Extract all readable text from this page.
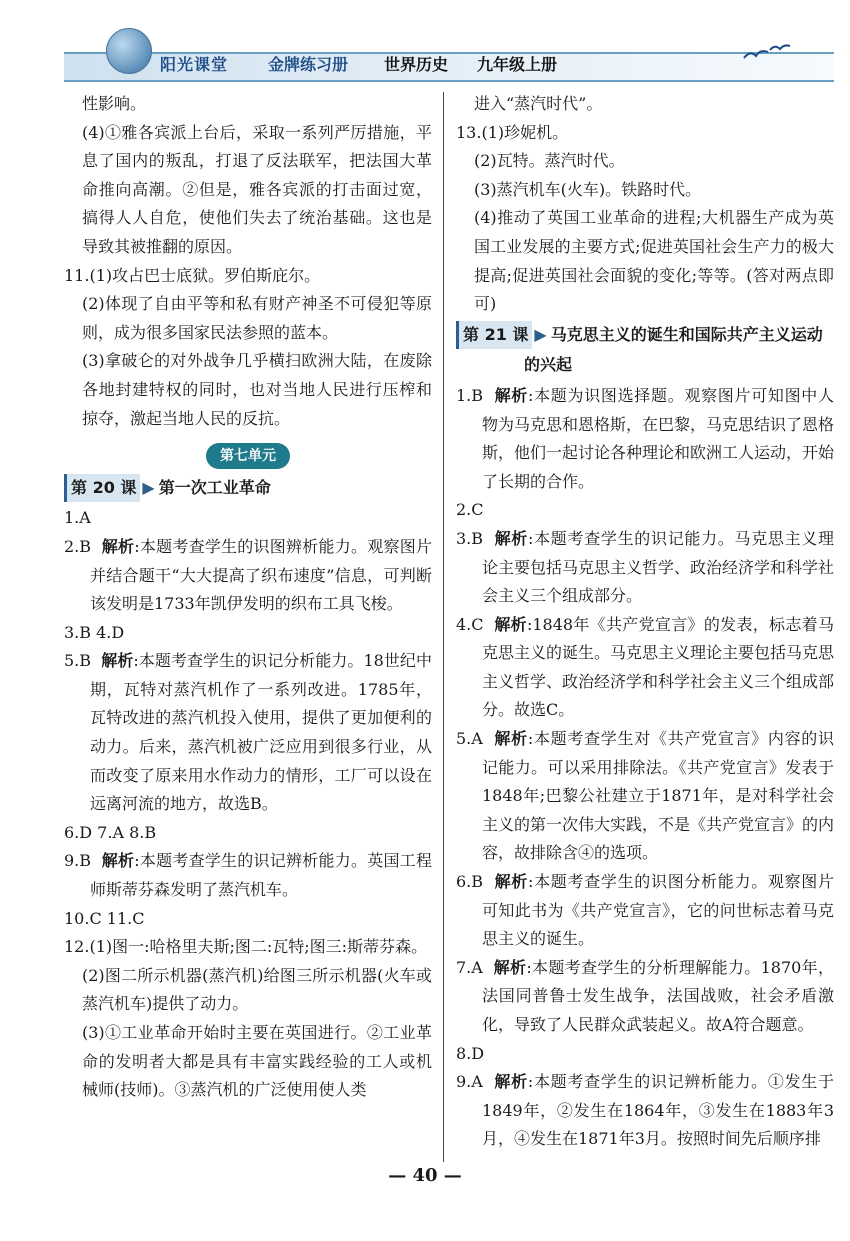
阳光课堂 金牌练习册 世界历史 九年级上册

性影响。

(4)①雅各宾派上台后，采取一系列严厉措施，平息了国内的叛乱，打退了反法联军，把法国大革命推向高潮。②但是，雅各宾派的打击面过宽，搞得人人自危，使他们失去了统治基础。这也是导致其被推翻的原因。

11.(1)攻占巴士底狱。罗伯斯庇尔。

(2)体现了自由平等和私有财产神圣不可侵犯等原则，成为很多国家民法参照的蓝本。

(3)拿破仑的对外战争几乎横扫欧洲大陆，在废除各地封建特权的同时，也对当地人民进行压榨和掠夺，激起当地人民的反抗。

第七单元
第 20 课 ▶ 第一次工业革命

1.A

2.B 解析:本题考查学生的识图辨析能力。观察图片并结合题干“大大提高了织布速度”信息，可判断该发明是1733年凯伊发明的织布工具飞梭。

3.B 4.D

5.B 解析:本题考查学生的识记分析能力。18世纪中期，瓦特对蒸汽机作了一系列改进。1785年，瓦特改进的蒸汽机投入使用，提供了更加便利的动力。后来，蒸汽机被广泛应用到很多行业，从而改变了原来用水作动力的情形，工厂可以设在远离河流的地方，故选B。

6.D 7.A 8.B

9.B 解析:本题考查学生的识记辨析能力。英国工程师斯蒂芬森发明了蒸汽机车。

10.C 11.C

12.(1)图一:哈格里夫斯;图二:瓦特;图三:斯蒂芬森。

(2)图二所示机器(蒸汽机)给图三所示机器(火车或蒸汽机车)提供了动力。

(3)①工业革命开始时主要在英国进行。②工业革命的发明者大都是具有丰富实践经验的工人或机械师(技师)。③蒸汽机的广泛使用使人类

进入“蒸汽时代”。

13.(1)珍妮机。

(2)瓦特。蒸汽时代。

(3)蒸汽机车(火车)。铁路时代。

(4)推动了英国工业革命的进程;大机器生产成为英国工业发展的主要方式;促进英国社会生产力的极大提高;促进英国社会面貌的变化;等等。(答对两点即可)

第 21 课 ▶ 马克思主义的诞生和国际共产主义运动
的兴起

1.B 解析:本题为识图选择题。观察图片可知图中人物为马克思和恩格斯，在巴黎，马克思结识了恩格斯，他们一起讨论各种理论和欧洲工人运动，开始了长期的合作。

2.C

3.B 解析:本题考查学生的识记能力。马克思主义理论主要包括马克思主义哲学、政治经济学和科学社会主义三个组成部分。

4.C 解析:1848年《共产党宣言》的发表，标志着马克思主义的诞生。马克思主义理论主要包括马克思主义哲学、政治经济学和科学社会主义三个组成部分。故选C。

5.A 解析:本题考查学生对《共产党宣言》内容的识记能力。可以采用排除法。《共产党宣言》发表于1848年;巴黎公社建立于1871年，是对科学社会主义的第一次伟大实践，不是《共产党宣言》的内容，故排除含④的选项。

6.B 解析:本题考查学生的识图分析能力。观察图片可知此书为《共产党宣言》，它的问世标志着马克思主义的诞生。

7.A 解析:本题考查学生的分析理解能力。1870年，法国同普鲁士发生战争，法国战败，社会矛盾激化，导致了人民群众武装起义。故A符合题意。

8.D

9.A 解析:本题考查学生的识记辨析能力。①发生于1849年，②发生在1864年，③发生在1883年3月，④发生在1871年3月。按照时间先后顺序排

— 40 —
